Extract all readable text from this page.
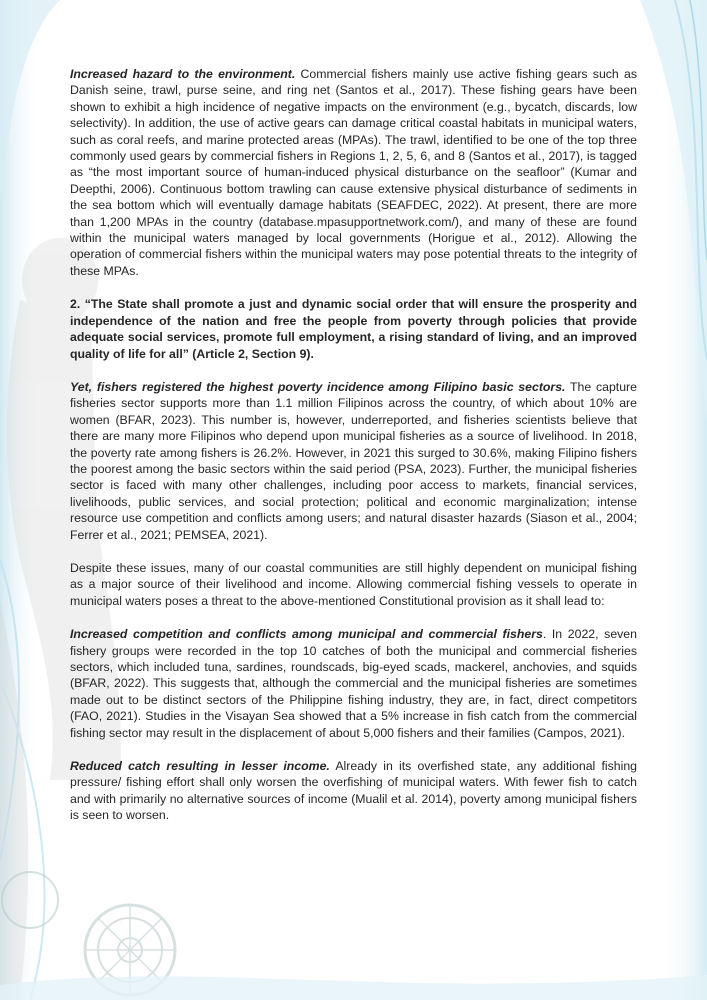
Increased hazard to the environment. Commercial fishers mainly use active fishing gears such as Danish seine, trawl, purse seine, and ring net (Santos et al., 2017). These fishing gears have been shown to exhibit a high incidence of negative impacts on the environment (e.g., bycatch, discards, low selectivity). In addition, the use of active gears can damage critical coastal habitats in municipal waters, such as coral reefs, and marine protected areas (MPAs). The trawl, identified to be one of the top three commonly used gears by commercial fishers in Regions 1, 2, 5, 6, and 8 (Santos et al., 2017), is tagged as “the most important source of human-induced physical disturbance on the seafloor” (Kumar and Deepthi, 2006). Continuous bottom trawling can cause extensive physical disturbance of sediments in the sea bottom which will eventually damage habitats (SEAFDEC, 2022). At present, there are more than 1,200 MPAs in the country (database.mpasupportnetwork.com/), and many of these are found within the municipal waters managed by local governments (Horigue et al., 2012). Allowing the operation of commercial fishers within the municipal waters may pose potential threats to the integrity of these MPAs.

2. “The State shall promote a just and dynamic social order that will ensure the prosperity and independence of the nation and free the people from poverty through policies that provide adequate social services, promote full employment, a rising standard of living, and an improved quality of life for all” (Article 2, Section 9).

Yet, fishers registered the highest poverty incidence among Filipino basic sectors. The capture fisheries sector supports more than 1.1 million Filipinos across the country, of which about 10% are women (BFAR, 2023). This number is, however, underreported, and fisheries scientists believe that there are many more Filipinos who depend upon municipal fisheries as a source of livelihood. In 2018, the poverty rate among fishers is 26.2%. However, in 2021 this surged to 30.6%, making Filipino fishers the poorest among the basic sectors within the said period (PSA, 2023). Further, the municipal fisheries sector is faced with many other challenges, including poor access to markets, financial services, livelihoods, public services, and social protection; political and economic marginalization; intense resource use competition and conflicts among users; and natural disaster hazards (Siason et al., 2004; Ferrer et al., 2021; PEMSEA, 2021).

Despite these issues, many of our coastal communities are still highly dependent on municipal fishing as a major source of their livelihood and income. Allowing commercial fishing vessels to operate in municipal waters poses a threat to the above-mentioned Constitutional provision as it shall lead to:

Increased competition and conflicts among municipal and commercial fishers. In 2022, seven fishery groups were recorded in the top 10 catches of both the municipal and commercial fisheries sectors, which included tuna, sardines, roundscads, big-eyed scads, mackerel, anchovies, and squids (BFAR, 2022). This suggests that, although the commercial and the municipal fisheries are sometimes made out to be distinct sectors of the Philippine fishing industry, they are, in fact, direct competitors (FAO, 2021). Studies in the Visayan Sea showed that a 5% increase in fish catch from the commercial fishing sector may result in the displacement of about 5,000 fishers and their families (Campos, 2021).

Reduced catch resulting in lesser income. Already in its overfished state, any additional fishing pressure/ fishing effort shall only worsen the overfishing of municipal waters. With fewer fish to catch and with primarily no alternative sources of income (Mualil et al. 2014), poverty among municipal fishers is seen to worsen.
